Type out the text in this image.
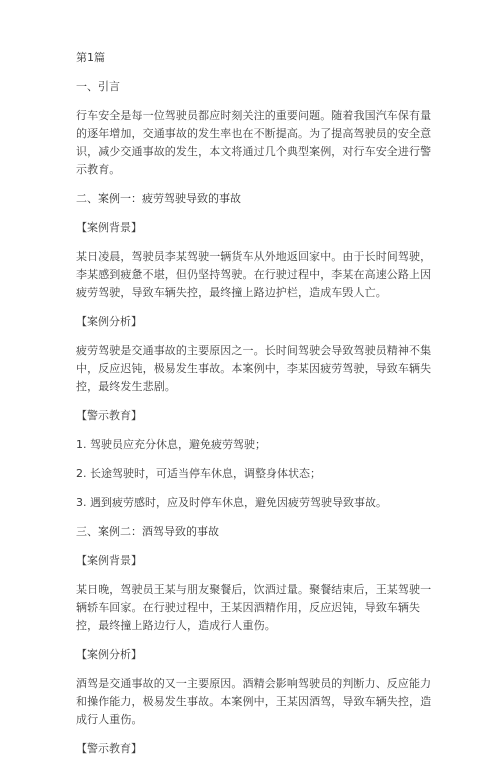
第1篇

一、引言

行车安全是每一位驾驶员都应时刻关注的重要问题。随着我国汽车保有量的逐年增加，交通事故的发生率也在不断提高。为了提高驾驶员的安全意识，减少交通事故的发生，本文将通过几个典型案例，对行车安全进行警示教育。

二、案例一：疲劳驾驶导致的事故

【案例背景】

某日凌晨，驾驶员李某驾驶一辆货车从外地返回家中。由于长时间驾驶，李某感到疲惫不堪，但仍坚持驾驶。在行驶过程中，李某在高速公路上因疲劳驾驶，导致车辆失控，最终撞上路边护栏，造成车毁人亡。

【案例分析】

疲劳驾驶是交通事故的主要原因之一。长时间驾驶会导致驾驶员精神不集中，反应迟钝，极易发生事故。本案例中，李某因疲劳驾驶，导致车辆失控，最终发生悲剧。

【警示教育】

1. 驾驶员应充分休息，避免疲劳驾驶；
2. 长途驾驶时，可适当停车休息，调整身体状态；
3. 遇到疲劳感时，应及时停车休息，避免因疲劳驾驶导致事故。

三、案例二：酒驾导致的事故

【案例背景】

某日晚，驾驶员王某与朋友聚餐后，饮酒过量。聚餐结束后，王某驾驶一辆轿车回家。在行驶过程中，王某因酒精作用，反应迟钝，导致车辆失控，最终撞上路边行人，造成行人重伤。

【案例分析】

酒驾是交通事故的又一主要原因。酒精会影响驾驶员的判断力、反应能力和操作能力，极易发生事故。本案例中，王某因酒驾，导致车辆失控，造成行人重伤。

【警示教育】
